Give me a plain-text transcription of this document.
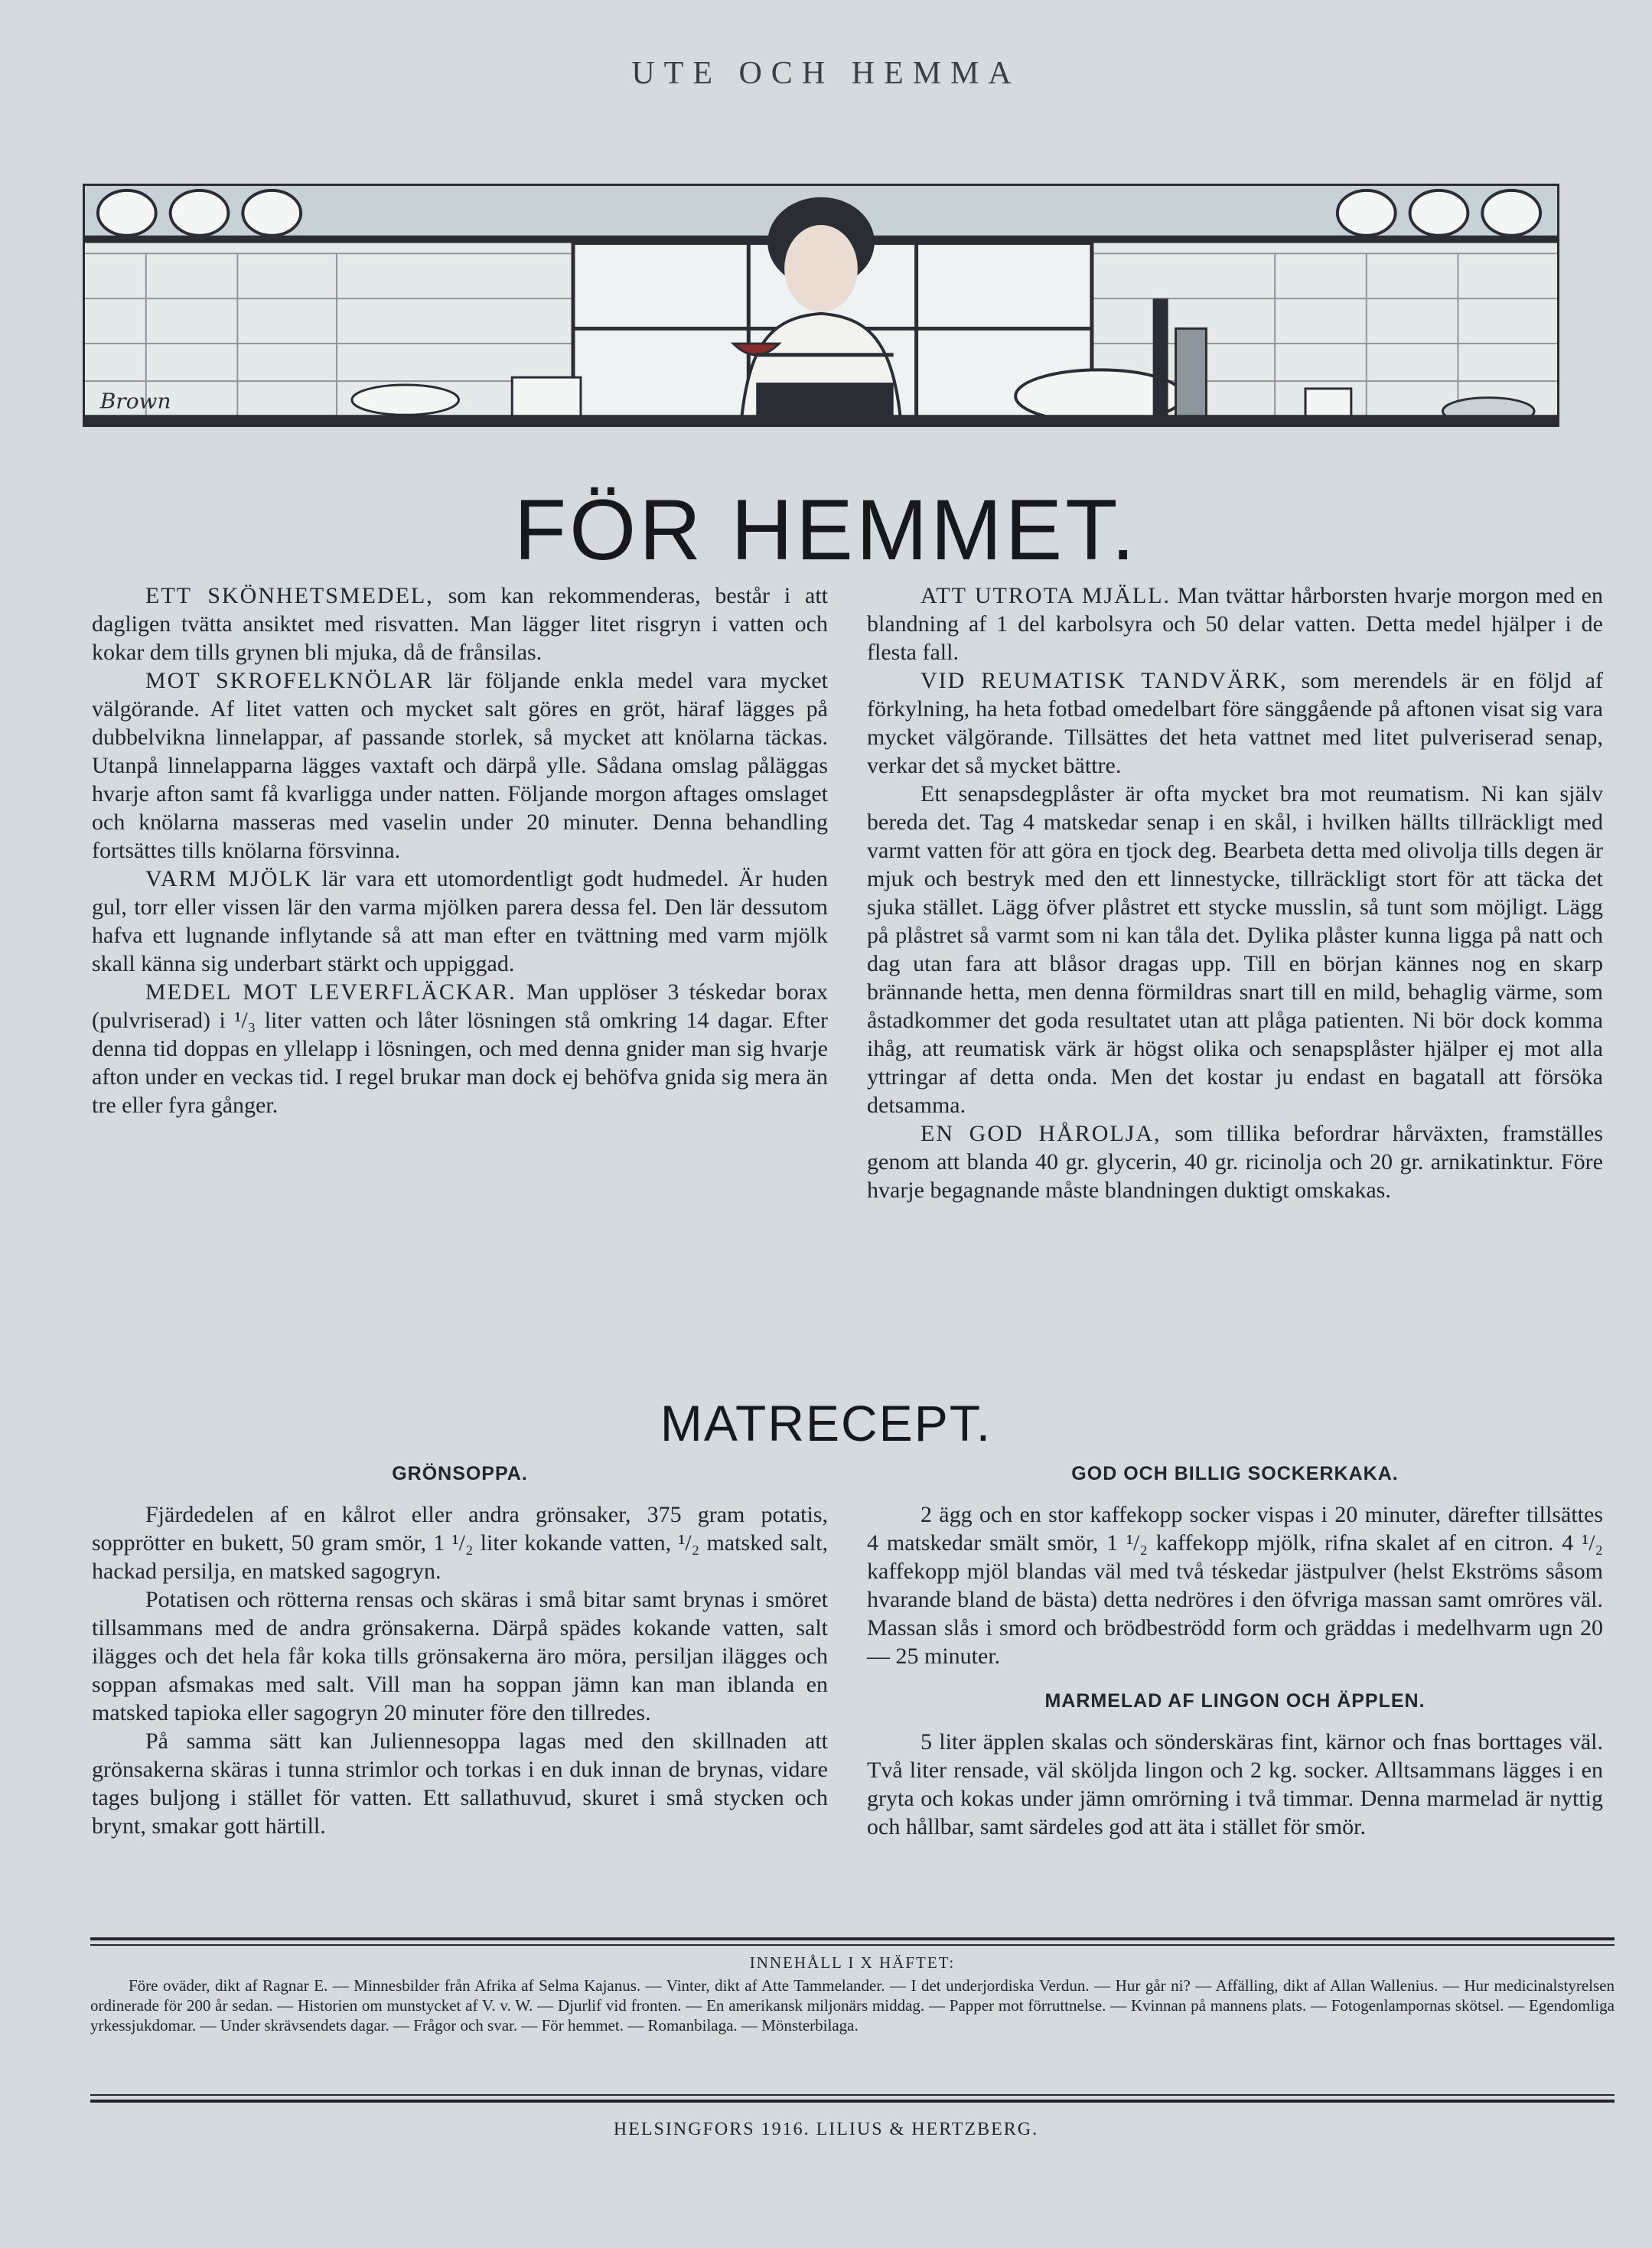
UTE OCH HEMMA
Brown
FÖR HEMMET.

ETT SKÖNHETSMEDEL, som kan rekommenderas, består i att dagligen tvätta ansiktet med risvatten. Man lägger litet risgryn i vatten och kokar dem tills grynen bli mjuka, då de frånsilas.

MOT SKROFELKNÖLAR lär följande enkla medel vara mycket välgörande. Af litet vatten och mycket salt göres en gröt, häraf lägges på dubbelvikna linnelappar, af passande storlek, så mycket att knölarna täckas. Utanpå linnelapparna lägges vaxtaft och därpå ylle. Sådana omslag påläggas hvarje afton samt få kvarligga under natten. Följande morgon aftages omslaget och knölarna masseras med vaselin under 20 minuter. Denna behandling fortsättes tills knölarna försvinna.

VARM MJÖLK lär vara ett utomordentligt godt hudmedel. Är huden gul, torr eller vissen lär den varma mjölken parera dessa fel. Den lär dessutom hafva ett lugnande inflytande så att man efter en tvättning med varm mjölk skall känna sig underbart stärkt och uppiggad.

MEDEL MOT LEVERFLÄCKAR. Man upplöser 3 téskedar borax (pulvriserad) i ¹/₃ liter vatten och låter lösningen stå omkring 14 dagar. Efter denna tid doppas en yllelapp i lösningen, och med denna gnider man sig hvarje afton under en veckas tid. I regel brukar man dock ej behöfva gnida sig mera än tre eller fyra gånger.

ATT UTROTA MJÄLL. Man tvättar hårborsten hvarje morgon med en blandning af 1 del karbolsyra och 50 delar vatten. Detta medel hjälper i de flesta fall.

VID REUMATISK TANDVÄRK, som merendels är en följd af förkylning, ha heta fotbad omedelbart före sänggående på aftonen visat sig vara mycket välgörande. Tillsättes det heta vattnet med litet pulveriserad senap, verkar det så mycket bättre.

Ett senapsdegplåster är ofta mycket bra mot reumatism. Ni kan själv bereda det. Tag 4 matskedar senap i en skål, i hvilken hällts tillräckligt med varmt vatten för att göra en tjock deg. Bearbeta detta med olivolja tills degen är mjuk och bestryk med den ett linnestycke, tillräckligt stort för att täcka det sjuka stället. Lägg öfver plåstret ett stycke musslin, så tunt som möjligt. Lägg på plåstret så varmt som ni kan tåla det. Dylika plåster kunna ligga på natt och dag utan fara att blåsor dragas upp. Till en början kännes nog en skarp brännande hetta, men denna förmildras snart till en mild, behaglig värme, som åstadkommer det goda resultatet utan att plåga patienten. Ni bör dock komma ihåg, att reumatisk värk är högst olika och senapsplåster hjälper ej mot alla yttringar af detta onda. Men det kostar ju endast en bagatall att försöka detsamma.

EN GOD HÅROLJA, som tillika befordrar hårväxten, framställes genom att blanda 40 gr. glycerin, 40 gr. ricinolja och 20 gr. arnikatinktur. Före hvarje begagnande måste blandningen duktigt omskakas.

MATRECEPT.
GRÖNSOPPA.

Fjärdedelen af en kålrot eller andra grönsaker, 375 gram potatis, sopprötter en bukett, 50 gram smör, 1 ¹/₂ liter kokande vatten, ¹/₂ matsked salt, hackad persilja, en matsked sagogryn.

Potatisen och rötterna rensas och skäras i små bitar samt brynas i smöret tillsammans med de andra grönsakerna. Därpå spädes kokande vatten, salt ilägges och det hela får koka tills grönsakerna äro möra, persiljan ilägges och soppan afsmakas med salt. Vill man ha soppan jämn kan man iblanda en matsked tapioka eller sagogryn 20 minuter före den tillredes.

På samma sätt kan Juliennesoppa lagas med den skillnaden att grönsakerna skäras i tunna strimlor och torkas i en duk innan de brynas, vidare tages buljong i stället för vatten. Ett sallathuvud, skuret i små stycken och brynt, smakar gott härtill.

GOD OCH BILLIG SOCKERKAKA.

2 ägg och en stor kaffekopp socker vispas i 20 minuter, därefter tillsättes 4 matskedar smält smör, 1 ¹/₂ kaffekopp mjölk, rifna skalet af en citron. 4 ¹/₂ kaffekopp mjöl blandas väl med två téskedar jästpulver (helst Ekströms såsom hvarande bland de bästa) detta nedröres i den öfvriga massan samt omröres väl. Massan slås i smord och brödbeströdd form och gräddas i medelhvarm ugn 20 — 25 minuter.

MARMELAD AF LINGON OCH ÄPPLEN.

5 liter äpplen skalas och sönderskäras fint, kärnor och fnas borttages väl. Två liter rensade, väl sköljda lingon och 2 kg. socker. Alltsammans lägges i en gryta och kokas under jämn omrörning i två timmar. Denna marmelad är nyttig och hållbar, samt särdeles god att äta i stället för smör.

INNEHÅLL I X HÄFTET:

Före oväder, dikt af Ragnar E. — Minnesbilder från Afrika af Selma Kajanus. — Vinter, dikt af Atte Tammelander. — I det underjordiska Verdun. — Hur går ni? — Affälling, dikt af Allan Wallenius. — Hur medicinalstyrelsen ordinerade för 200 år sedan. — Historien om munstycket af V. v. W. — Djurlif vid fronten. — En amerikansk miljonärs middag. — Papper mot förruttnelse. — Kvinnan på mannens plats. — Fotogenlampornas skötsel. — Egendomliga yrkessjukdomar. — Under skrävsendets dagar. — Frågor och svar. — För hemmet. — Romanbilaga. — Mönsterbilaga.

HELSINGFORS 1916. LILIUS & HERTZBERG.
